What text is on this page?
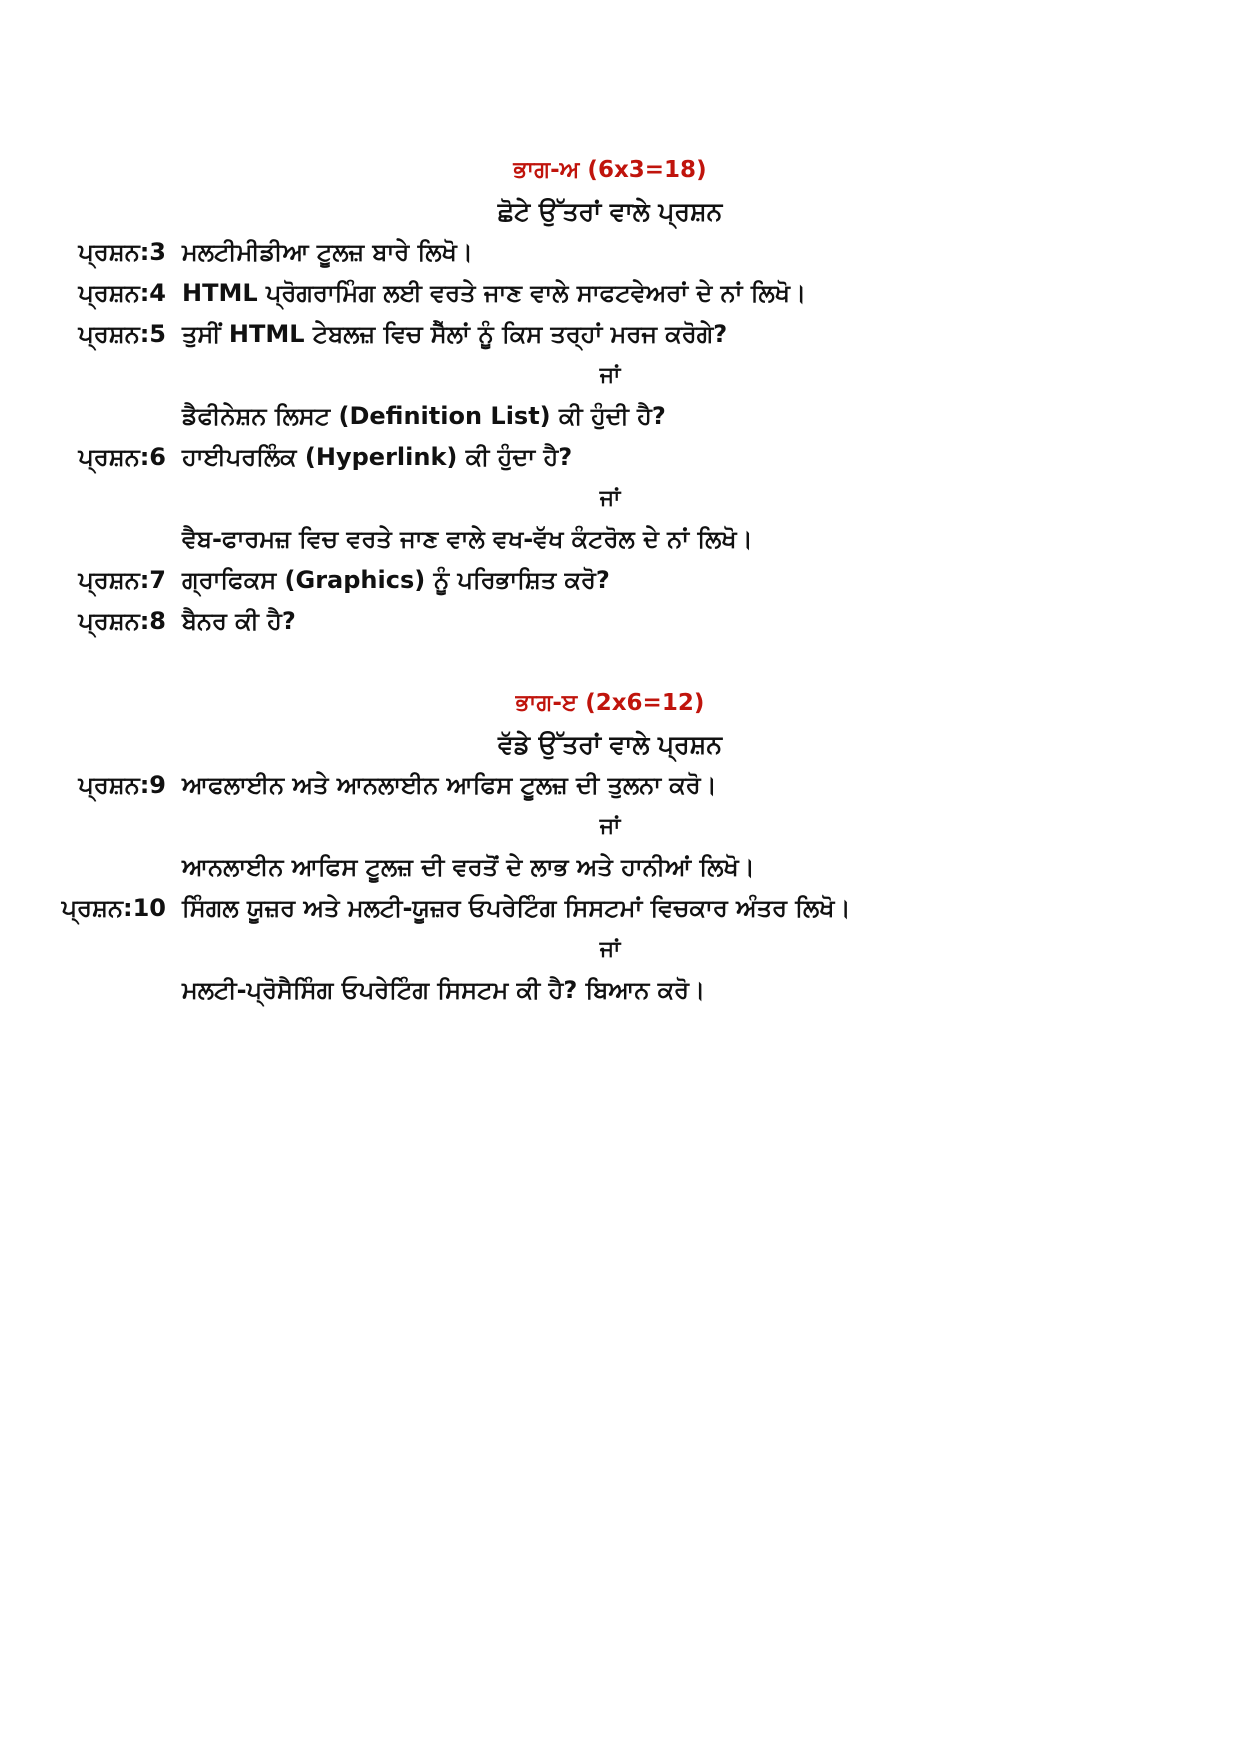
ਭਾਗ-ਅ (6x3=18)
ਛੋਟੇ ਉੱਤਰਾਂ ਵਾਲੇ ਪ੍ਰਸ਼ਨ
ਪ੍ਰਸ਼ਨ:3 ਮਲਟੀਮੀਡੀਆ ਟੂਲਜ਼ ਬਾਰੇ ਲਿਖੋ।
ਪ੍ਰਸ਼ਨ:4 HTML ਪ੍ਰੋਗਰਾਮਿੰਗ ਲਈ ਵਰਤੇ ਜਾਣ ਵਾਲੇ ਸਾਫਟਵੇਅਰਾਂ ਦੇ ਨਾਂ ਲਿਖੋ।
ਪ੍ਰਸ਼ਨ:5 ਤੁਸੀਂ HTML ਟੇਬਲਜ਼ ਵਿਚ ਸੈੱਲਾਂ ਨੂੰ ਕਿਸ ਤਰ੍ਹਾਂ ਮਰਜ ਕਰੋਗੇ?
ਜਾਂ
ਡੈਫੀਨੇਸ਼ਨ ਲਿਸਟ (Definition List) ਕੀ ਹੁੰਦੀ ਹੈ?
ਪ੍ਰਸ਼ਨ:6 ਹਾਈਪਰਲਿੰਕ (Hyperlink) ਕੀ ਹੁੰਦਾ ਹੈ?
ਜਾਂ
ਵੈਬ-ਫਾਰਮਜ਼ ਵਿਚ ਵਰਤੇ ਜਾਣ ਵਾਲੇ ਵਖ-ਵੱਖ ਕੰਟਰੋਲ ਦੇ ਨਾਂ ਲਿਖੋ।
ਪ੍ਰਸ਼ਨ:7 ਗ੍ਰਾਫਿਕਸ (Graphics) ਨੂੰ ਪਰਿਭਾਸ਼ਿਤ ਕਰੋ?
ਪ੍ਰਸ਼ਨ:8 ਬੈਨਰ ਕੀ ਹੈ?
ਭਾਗ-ੲ (2x6=12)
ਵੱਡੇ ਉੱਤਰਾਂ ਵਾਲੇ ਪ੍ਰਸ਼ਨ
ਪ੍ਰਸ਼ਨ:9 ਆਫਲਾਈਨ ਅਤੇ ਆਨਲਾਈਨ ਆਫਿਸ ਟੂਲਜ਼ ਦੀ ਤੁਲਨਾ ਕਰੋ।
ਜਾਂ
ਆਨਲਾਈਨ ਆਫਿਸ ਟੂਲਜ਼ ਦੀ ਵਰਤੋਂ ਦੇ ਲਾਭ ਅਤੇ ਹਾਨੀਆਂ ਲਿਖੋ।
ਪ੍ਰਸ਼ਨ:10 ਸਿੰਗਲ ਯੂਜ਼ਰ ਅਤੇ ਮਲਟੀ-ਯੂਜ਼ਰ ਓਪਰੇਟਿੰਗ ਸਿਸਟਮਾਂ ਵਿਚਕਾਰ ਅੰਤਰ ਲਿਖੋ।
ਜਾਂ
ਮਲਟੀ-ਪ੍ਰੋਸੈਸਿੰਗ ਓਪਰੇਟਿੰਗ ਸਿਸਟਮ ਕੀ ਹੈ? ਬਿਆਨ ਕਰੋ।
